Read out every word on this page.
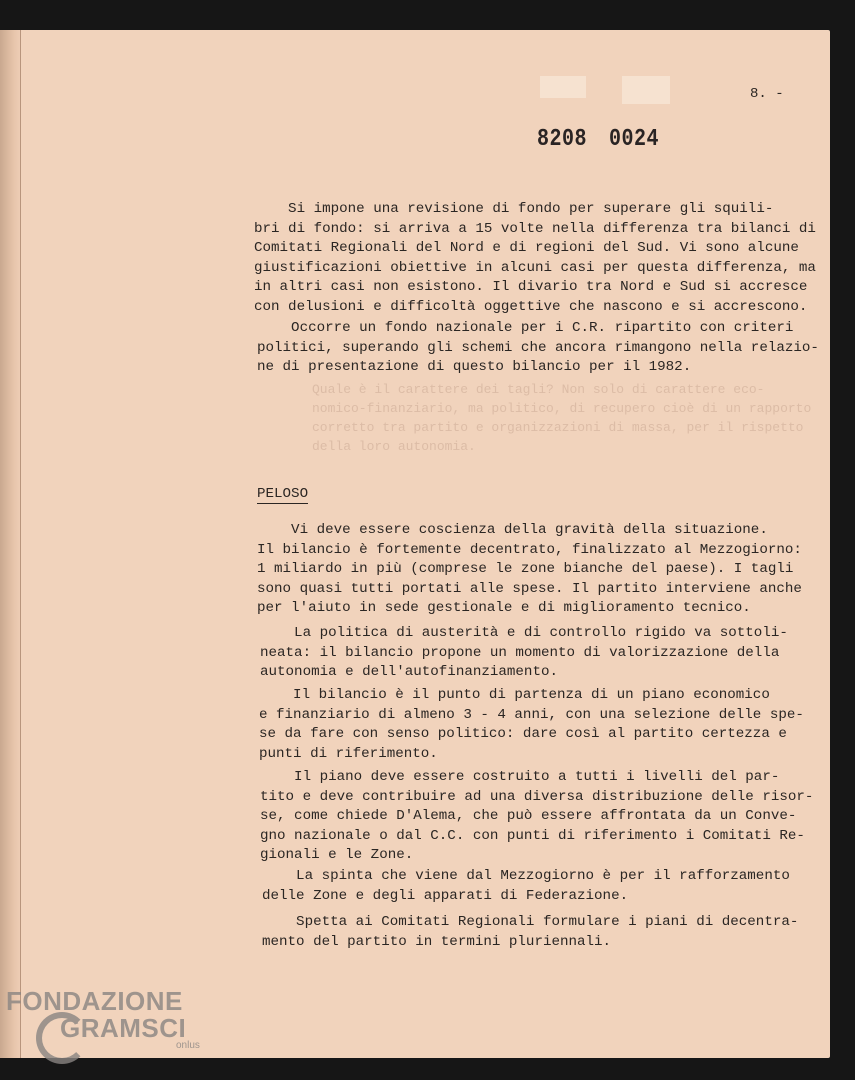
Quale è il carattere dei tagli? Non solo di carattere eco-
nomico-finanziario, ma politico, di recupero cioè di un rapporto
corretto tra partito e organizzazioni di massa, per il rispetto
della loro autonomia.

8. -
8208 0024

Si impone una revisione di fondo per superare gli squili-
bri di fondo: si arriva a 15 volte nella differenza tra bilanci di
Comitati Regionali del Nord e di regioni del Sud. Vi sono alcune
giustificazioni obiettive in alcuni casi per questa differenza, ma
in altri casi non esistono. Il divario tra Nord e Sud si accresce
con delusioni e difficoltà oggettive che nascono e si accrescono.

Occorre un fondo nazionale per i C.R. ripartito con criteri
politici, superando gli schemi che ancora rimangono nella relazio-
ne di presentazione di questo bilancio per il 1982.

PELOSO

Vi deve essere coscienza della gravità della situazione.
Il bilancio è fortemente decentrato, finalizzato al Mezzogiorno:
1 miliardo in più (comprese le zone bianche del paese). I tagli
sono quasi tutti portati alle spese. Il partito interviene anche
per l'aiuto in sede gestionale e di miglioramento tecnico.

La politica di austerità e di controllo rigido va sottoli-
neata: il bilancio propone un momento di valorizzazione della
autonomia e dell'autofinanziamento.

Il bilancio è il punto di partenza di un piano economico
e finanziario di almeno 3 - 4 anni, con una selezione delle spe-
se da fare con senso politico: dare così al partito certezza e
punti di riferimento.

Il piano deve essere costruito a tutti i livelli del par-
tito e deve contribuire ad una diversa distribuzione delle risor-
se, come chiede D'Alema, che può essere affrontata da un Conve-
gno nazionale o dal C.C. con punti di riferimento i Comitati Re-
gionali e le Zone.

La spinta che viene dal Mezzogiorno è per il rafforzamento
delle Zone e degli apparati di Federazione.

Spetta ai Comitati Regionali formulare i piani di decentra-
mento del partito in termini pluriennali.

FONDAZIONE
GRAMSCI
onlus
